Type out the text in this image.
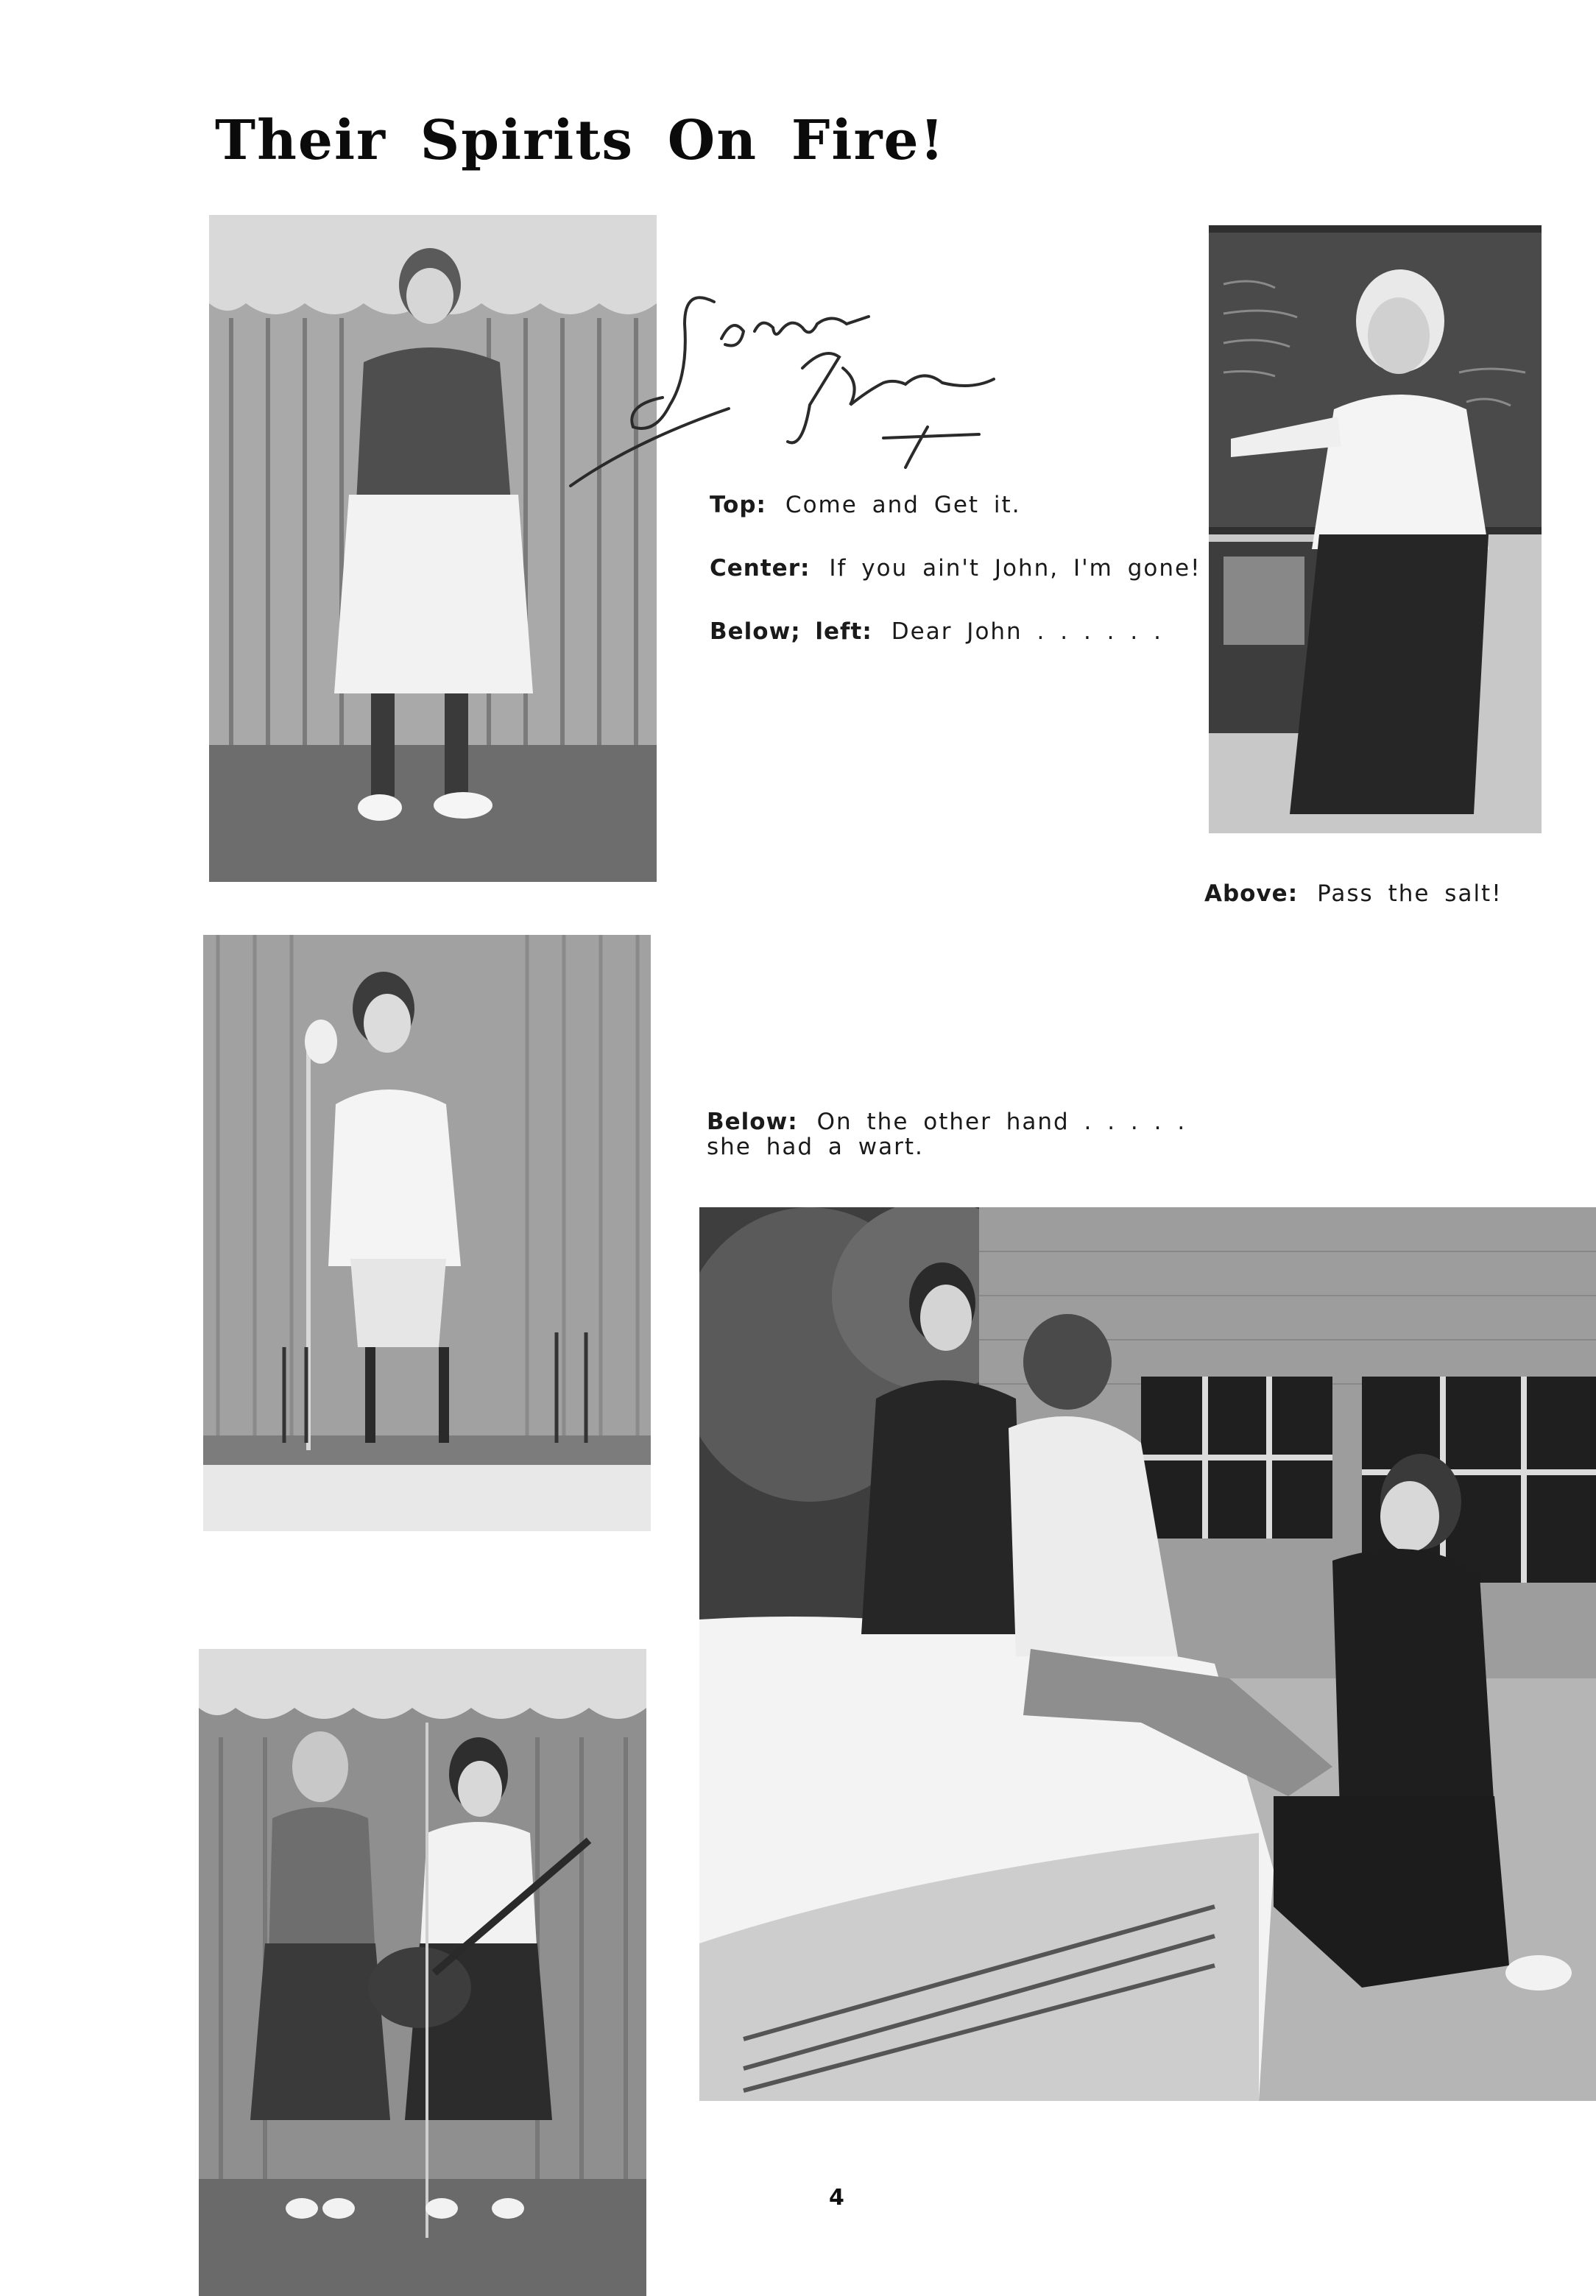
Their Spirits On Fire!
Top: Come and Get it.
Center: If you ain't John, I'm gone!
Below; left: Dear John . . . . . .
Above: Pass the salt!
Below: On the other hand . . . . .
she had a wart.
4
